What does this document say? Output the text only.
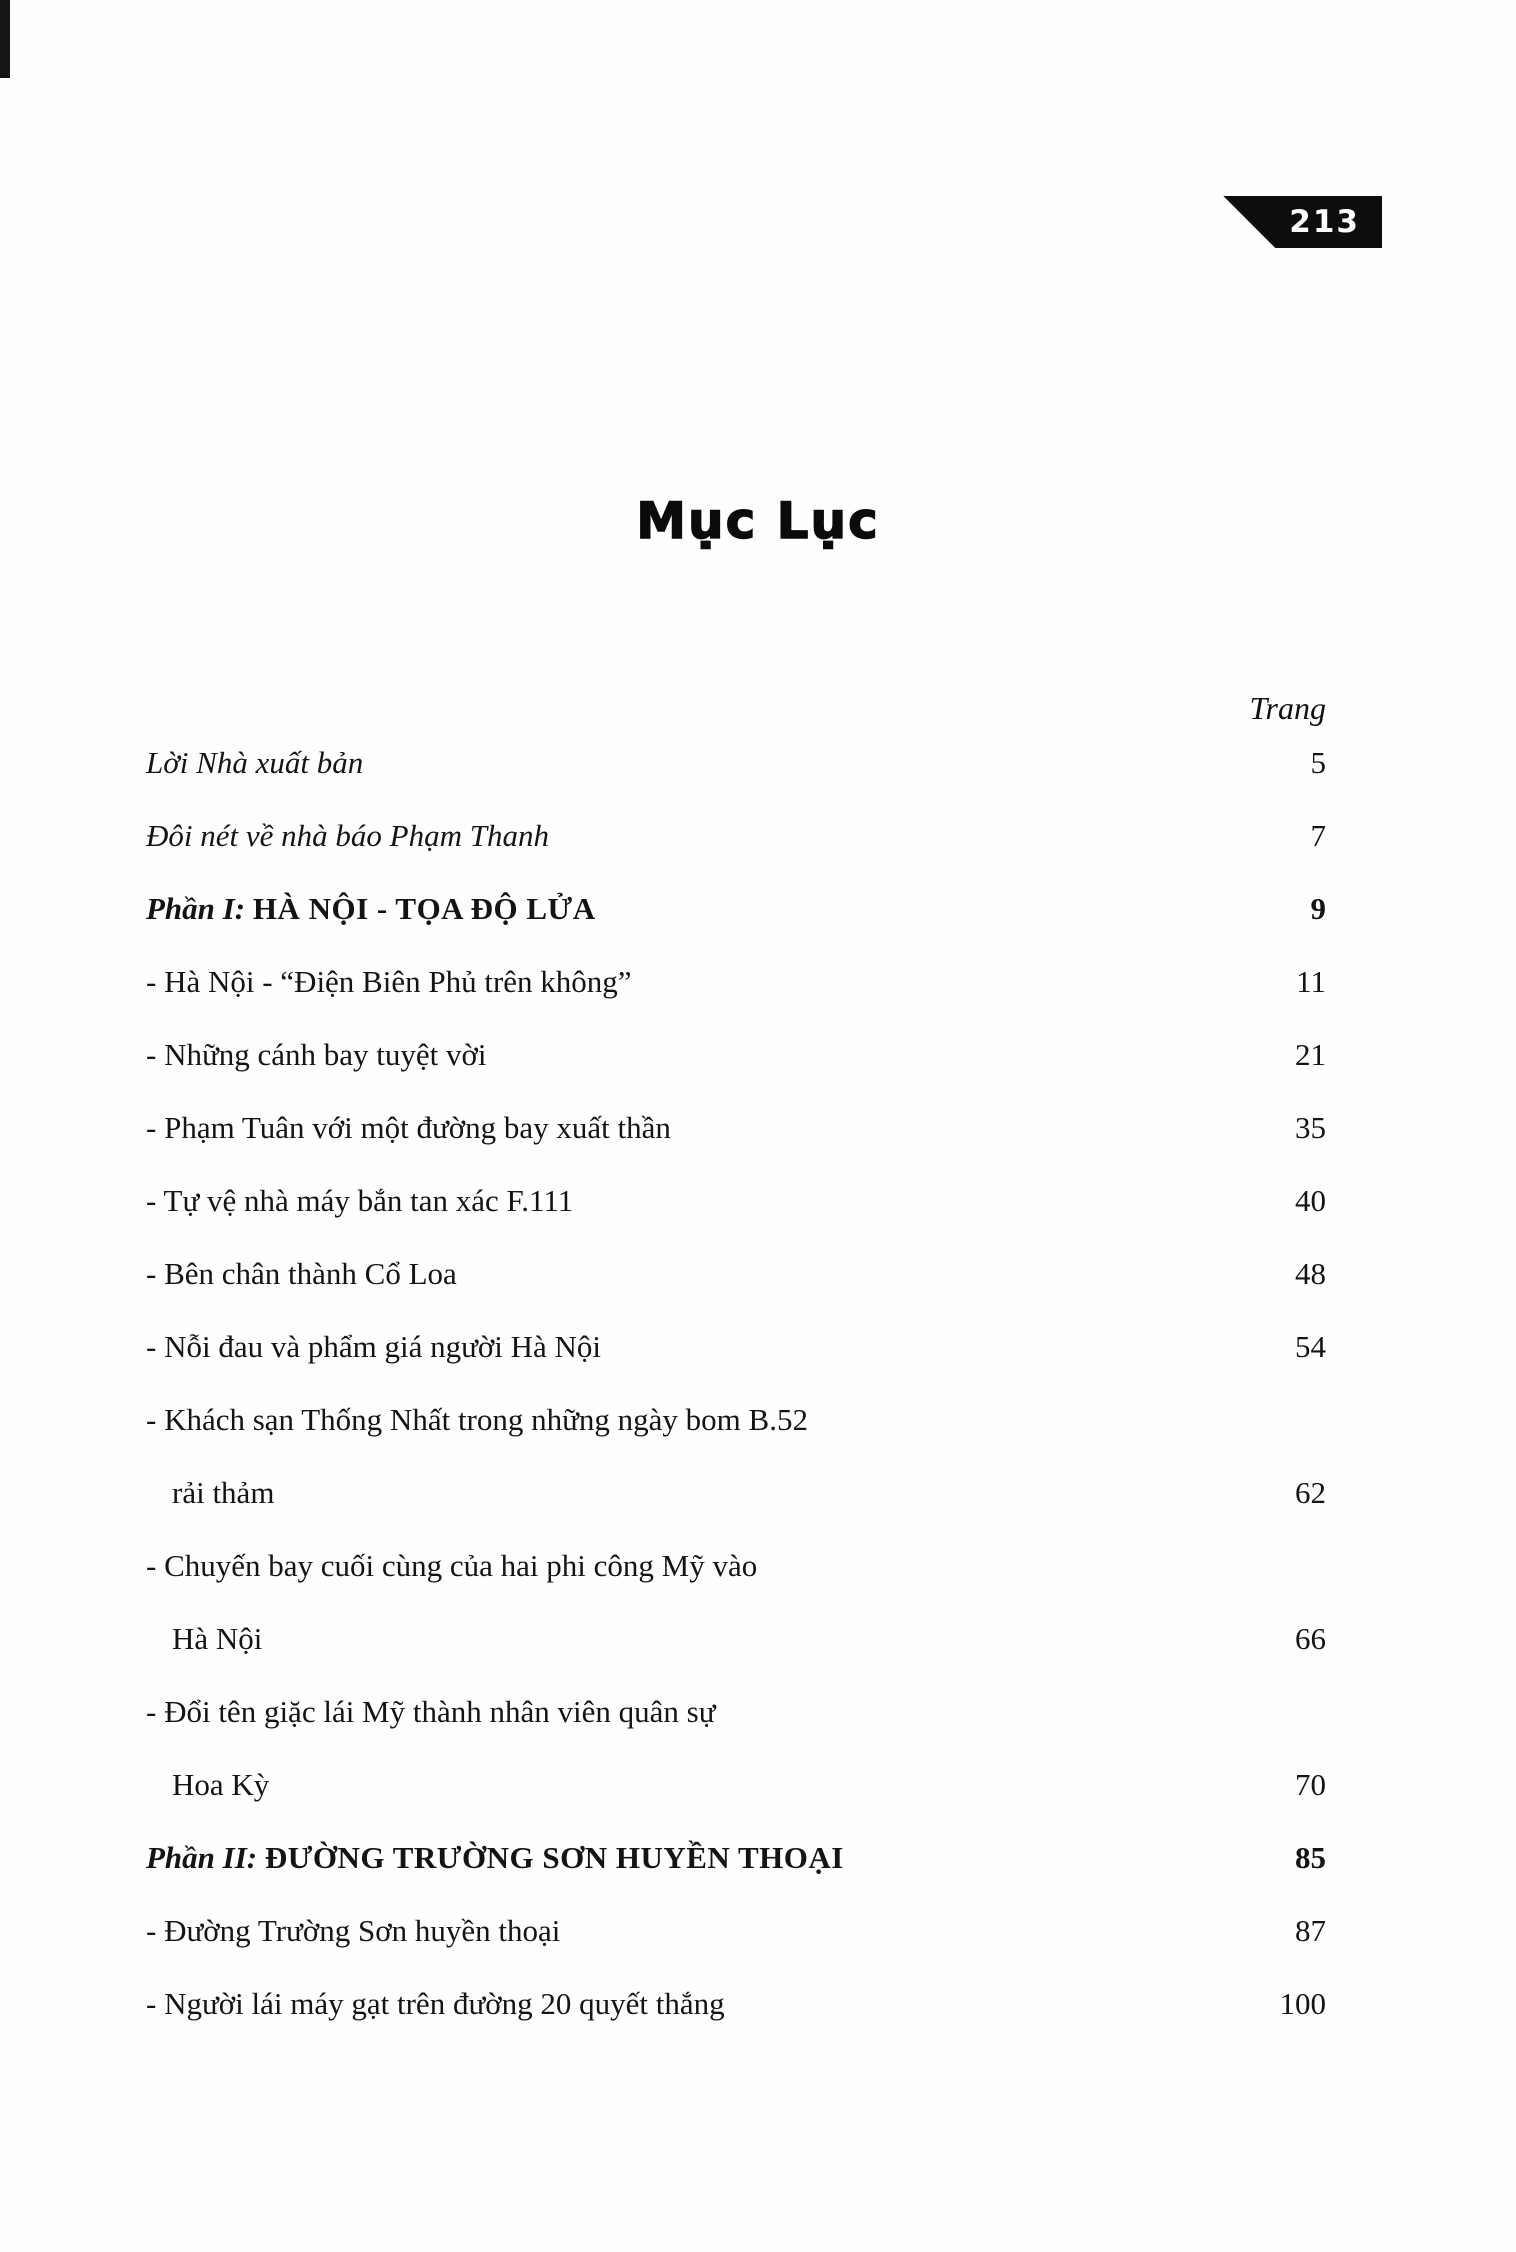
213
Mục Lục
Trang
Lời Nhà xuất bản	5
Đôi nét về nhà báo Phạm Thanh	7
Phần I: HÀ NỘI - TỌA ĐỘ LỬA	9
- Hà Nội - “Điện Biên Phủ trên không”	11
- Những cánh bay tuyệt vời	21
- Phạm Tuân với một đường bay xuất thần	35
- Tự vệ nhà máy bắn tan xác F.111	40
- Bên chân thành Cổ Loa	48
- Nỗi đau và phẩm giá người Hà Nội	54
- Khách sạn Thống Nhất trong những ngày bom B.52
rải thảm	62
- Chuyến bay cuối cùng của hai phi công Mỹ vào
Hà Nội	66
- Đổi tên giặc lái Mỹ thành nhân viên quân sự
Hoa Kỳ	70
Phần II: ĐƯỜNG TRƯỜNG SƠN HUYỀN THOẠI	85
- Đường Trường Sơn huyền thoại	87
- Người lái máy gạt trên đường 20 quyết thắng	100
